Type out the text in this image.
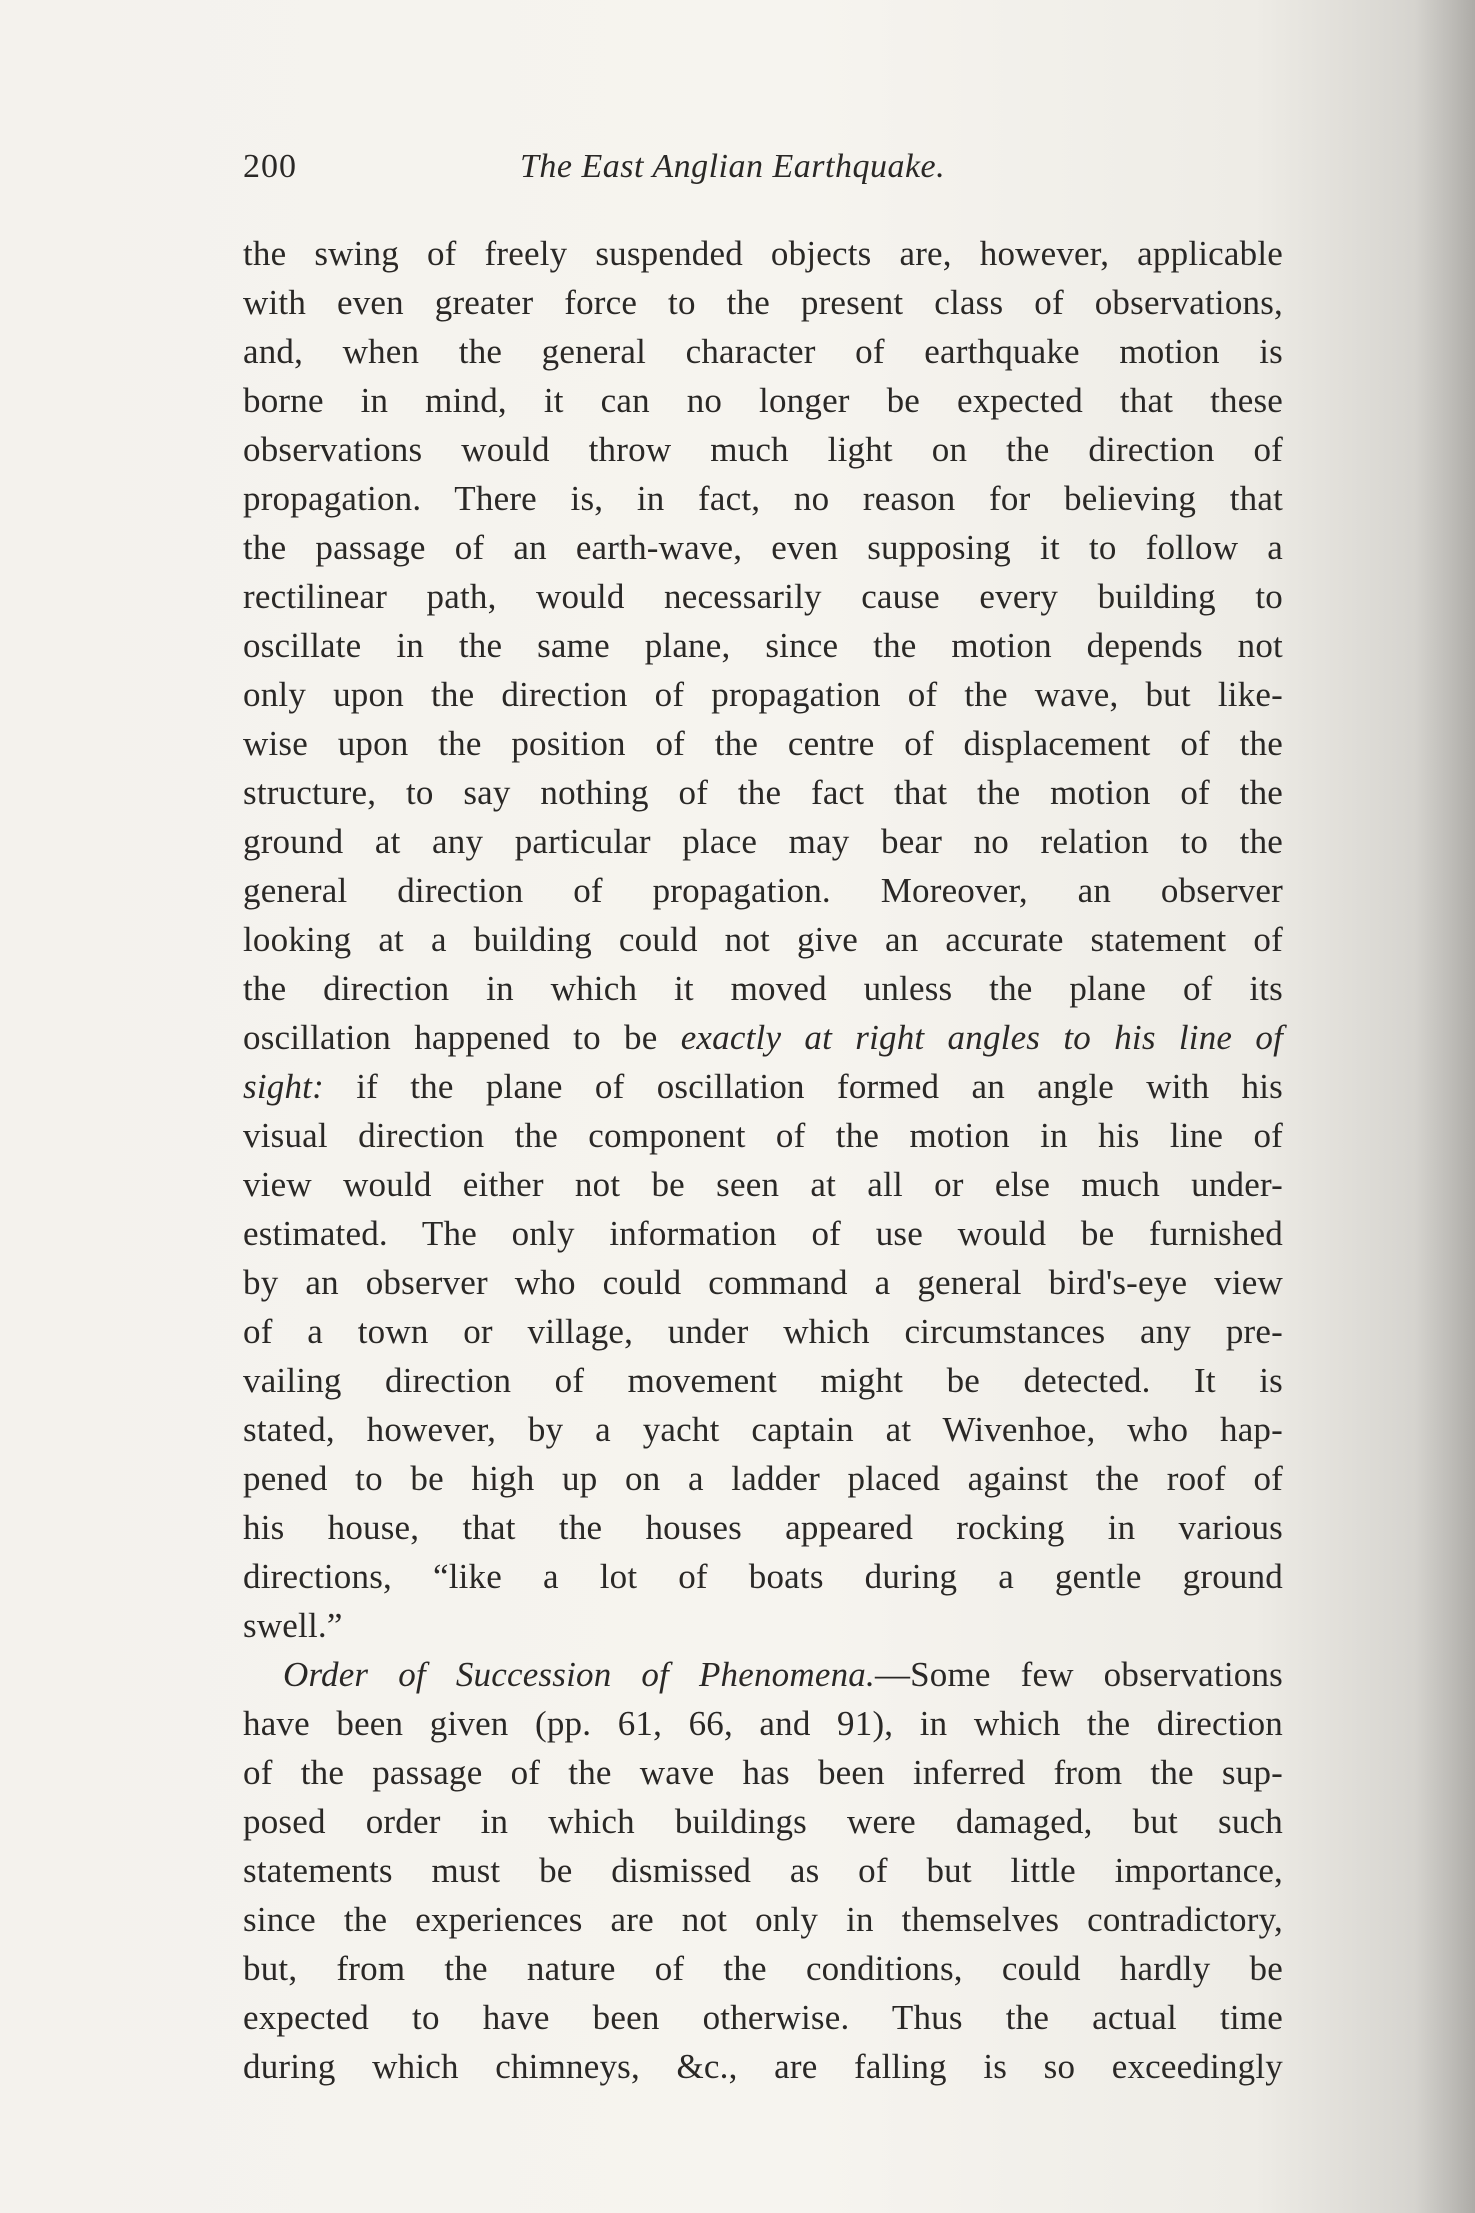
200	The East Anglian Earthquake.
the swing of freely suspended objects are, however, applicable
with even greater force to the present class of observations,
and, when the general character of earthquake motion is
borne in mind, it can no longer be expected that these
observations would throw much light on the direction of
propagation. There is, in fact, no reason for believing that
the passage of an earth-wave, even supposing it to follow a
rectilinear path, would necessarily cause every building to
oscillate in the same plane, since the motion depends not
only upon the direction of propagation of the wave, but like-
wise upon the position of the centre of displacement of the
structure, to say nothing of the fact that the motion of the
ground at any particular place may bear no relation to the
general direction of propagation. Moreover, an observer
looking at a building could not give an accurate statement of
the direction in which it moved unless the plane of its
oscillation happened to be exactly at right angles to his line of
sight: if the plane of oscillation formed an angle with his
visual direction the component of the motion in his line of
view would either not be seen at all or else much under-
estimated. The only information of use would be furnished
by an observer who could command a general bird's-eye view
of a town or village, under which circumstances any pre-
vailing direction of movement might be detected. It is
stated, however, by a yacht captain at Wivenhoe, who hap-
pened to be high up on a ladder placed against the roof of
his house, that the houses appeared rocking in various
directions, “like a lot of boats during a gentle ground
swell.”
Order of Succession of Phenomena.—Some few observations
have been given (pp. 61, 66, and 91), in which the direction
of the passage of the wave has been inferred from the sup-
posed order in which buildings were damaged, but such
statements must be dismissed as of but little importance,
since the experiences are not only in themselves contradictory,
but, from the nature of the conditions, could hardly be
expected to have been otherwise. Thus the actual time
during which chimneys, &c., are falling is so exceedingly
